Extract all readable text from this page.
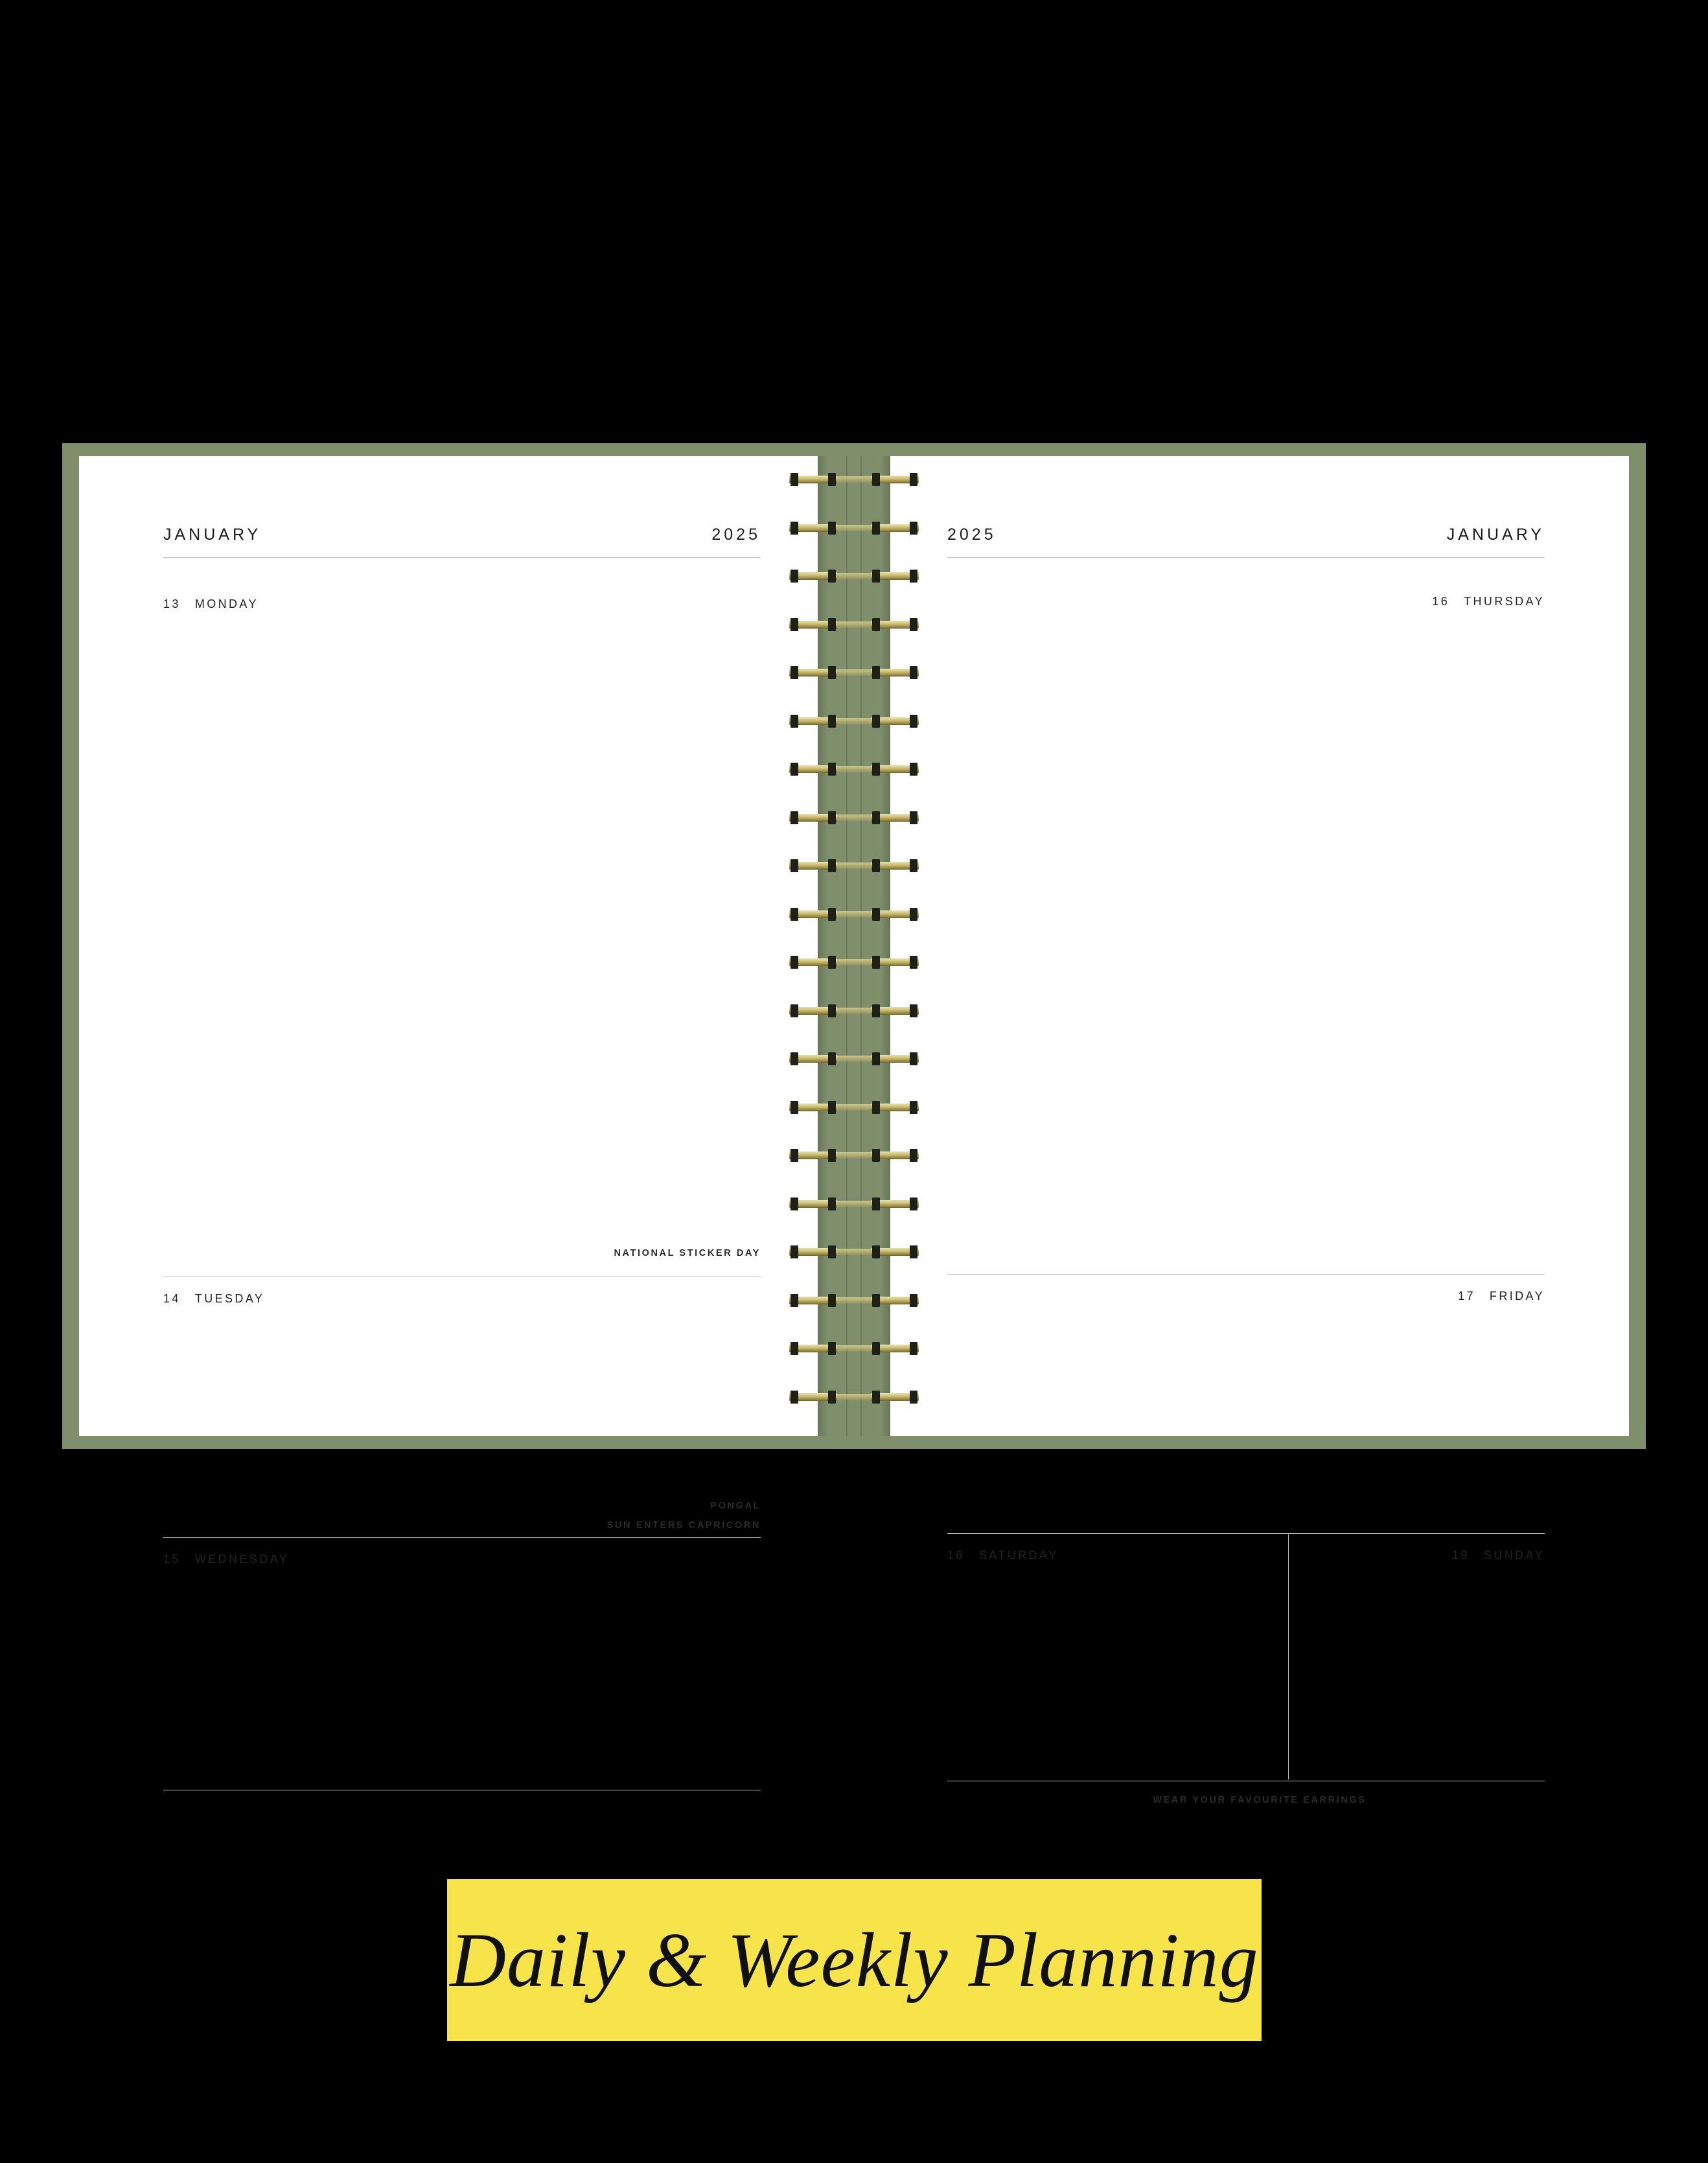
JANUARY	2025
13 MONDAY
NATIONAL STICKER DAY
14 TUESDAY
PONGAL
SUN ENTERS CAPRICORN
15 WEDNESDAY
2025	JANUARY
16 THURSDAY
17 FRIDAY
18 SATURDAY	19 SUNDAY
WEAR YOUR FAVOURITE EARRINGS
Daily & Weekly Planning
